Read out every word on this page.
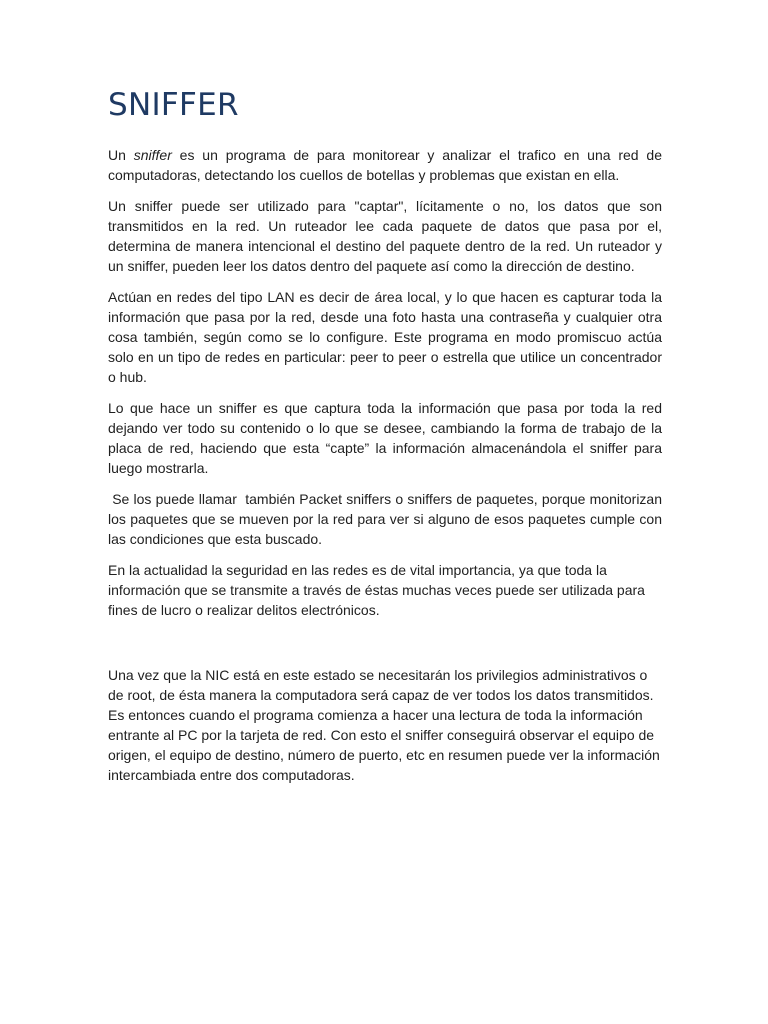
SNIFFER

Un sniffer es un programa de para monitorear y analizar el trafico en una red de computadoras, detectando los cuellos de botellas y problemas que existan en ella.

Un sniffer puede ser utilizado para "captar", lícitamente o no, los datos que son transmitidos en la red. Un ruteador lee cada paquete de datos que pasa por el, determina de manera intencional el destino del paquete dentro de la red. Un ruteador y un sniffer, pueden leer los datos dentro del paquete así como la dirección de destino.

Actúan en redes del tipo LAN es decir de área local, y lo que hacen es capturar toda la información que pasa por la red, desde una foto hasta una contraseña y cualquier otra cosa también, según como se lo configure. Este programa en modo promiscuo actúa solo en un tipo de redes en particular: peer to peer o estrella que utilice un concentrador o hub.

Lo que hace un sniffer es que captura toda la información que pasa por toda la red dejando ver todo su contenido o lo que se desee, cambiando la forma de trabajo de la placa de red, haciendo que esta “capte” la información almacenándola el sniffer para luego mostrarla.

Se los puede llamar  también Packet sniffers o sniffers de paquetes, porque monitorizan los paquetes que se mueven por la red para ver si alguno de esos paquetes cumple con las condiciones que esta buscado.

En la actualidad la seguridad en las redes es de vital importancia, ya que toda la información que se transmite a través de éstas muchas veces puede ser utilizada para fines de lucro o realizar delitos electrónicos.

Una vez que la NIC está en este estado se necesitarán los privilegios administrativos o de root, de ésta manera la computadora será capaz de ver todos los datos transmitidos. Es entonces cuando el programa comienza a hacer una lectura de toda la información entrante al PC por la tarjeta de red. Con esto el sniffer conseguirá observar el equipo de origen, el equipo de destino, número de puerto, etc en resumen puede ver la información intercambiada entre dos computadoras.
